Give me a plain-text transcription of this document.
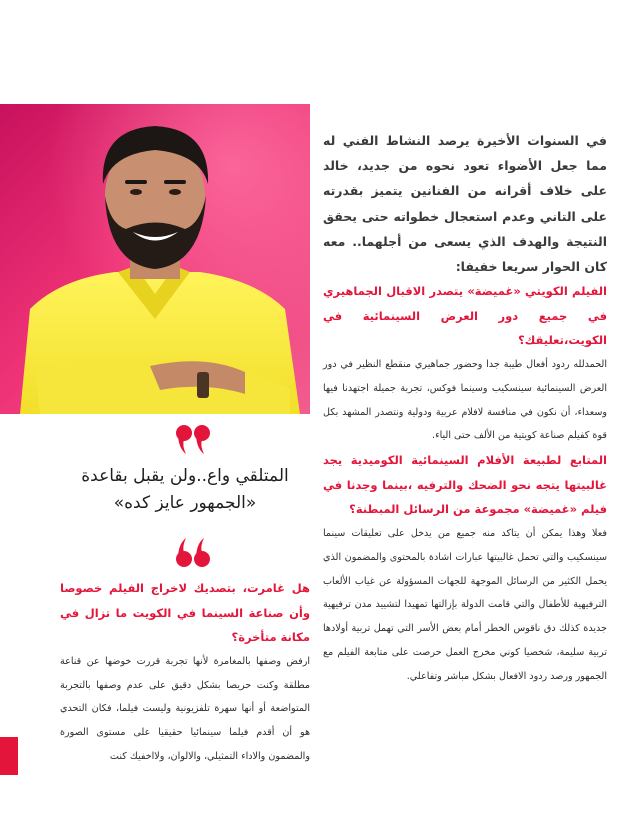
في السنوات الأخيرة يرصد النشاط الفني له مما جعل الأضواء تعود نحوه من جديد، خالد على خلاف أقرانه من الفنانين يتميز بقدرته على التاني وعدم استعجال خطواته حتى يحقق النتيجة والهدف الذي يسعى من أجلهما.. معه كان الحوار سريعا خفيفا:

الفيلم الكويتي «غميضة» يتصدر الاقبال الجماهيري في جميع دور العرض السينمائية في الكويت،تعليقك؟

الحمدلله ردود أفعال طيبة جدا وحضور جماهيري منقطع النظير في دور العرض السينمائية سينسكيب وسينما فوكس، تجربة جميلة اجتهدنا فيها وسعداء، أن نكون في منافسة لافلام عربية ودولية ونتصدر المشهد بكل قوة كفيلم صناعة كويتية من الألف حتى الياء.

المتابع لطبيعة الأفلام السينمائية الكوميدية يجد غالبيتها يتجه نحو الضحك والترفيه ،بينما وجدنا في فيلم «غميضة» مجموعة من الرسائل المبطنة؟

فعلا وهذا يمكن أن يتاكد منه جميع من يدخل على تعليقات سينما سينسكيب والتي تحمل غالبيتها عبارات اشادة بالمحتوى والمضمون الذي يحمل الكثير من الرسائل الموجهة للجهات المسؤولة عن غياب الألعاب الترفيهية للأطفال والتي قامت الدولة بإزالتها تمهيدا لتشييد مدن ترفيهية جديدة كذلك دق ناقوس الخطر أمام بعض الأسر التي تهمل تربية أولادها تربية سليمة، شخصيا كوني مخرج العمل حرصت على متابعة الفيلم مع الجمهور ورصد ردود الافعال بشكل مباشر وتفاعلي.

المتلقي واع..ولن يقبل بقاعدة «الجمهور عايز كده»

هل غامرت، بتصديك لاخراج الفيلم خصوصا وأن صناعة السينما في الكويت ما تزال في مكانة متأخرة؟

ارفض وصفها بالمغامرة لأنها تجربة قررت خوضها عن قناعة مطلقة وكنت حريصا بشكل دقيق على عدم وصفها بالتجربة المتواضعة أو أنها سهرة تلفزيونية وليست فيلما، فكان التحدي هو أن أقدم فيلما سينمائيا حقيقيا على مستوى الصورة والمضمون والاداء التمثيلي، والالوان، ولااخفيك كنت
